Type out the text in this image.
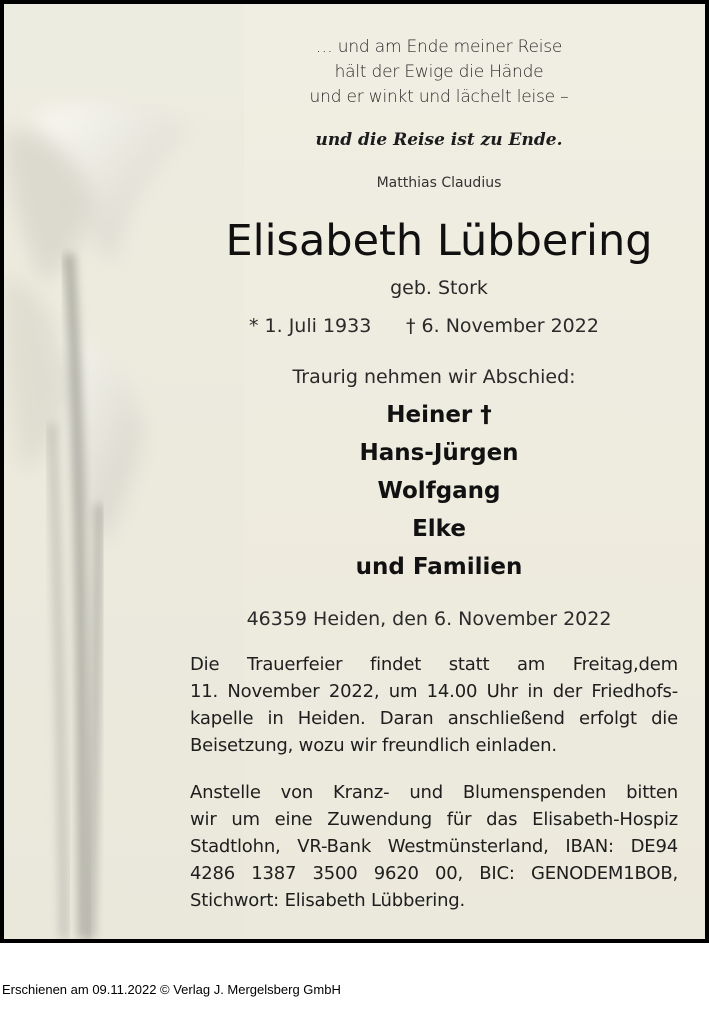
… und am Ende meiner Reise
hält der Ewige die Hände
und er winkt und lächelt leise –
und die Reise ist zu Ende.
Matthias Claudius
Elisabeth Lübbering
geb. Stork
* 1. Juli 1933 † 6. November 2022
Traurig nehmen wir Abschied:
Heiner †
Hans-Jürgen
Wolfgang
Elke
und Familien
46359 Heiden, den 6. November 2022
Die Trauerfeier findet statt am Freitag,dem
11. November 2022, um 14.00 Uhr in der Friedhofs-
kapelle in Heiden. Daran anschließend erfolgt die
Beisetzung, wozu wir freundlich einladen.
Anstelle von Kranz- und Blumenspenden bitten
wir um eine Zuwendung für das Elisabeth-Hospiz
Stadtlohn, VR-Bank Westmünsterland, IBAN: DE94
4286 1387 3500 9620 00, BIC: GENODEM1BOB,
Stichwort: Elisabeth Lübbering.
Erschienen am 09.11.2022 © Verlag J. Mergelsberg GmbH
